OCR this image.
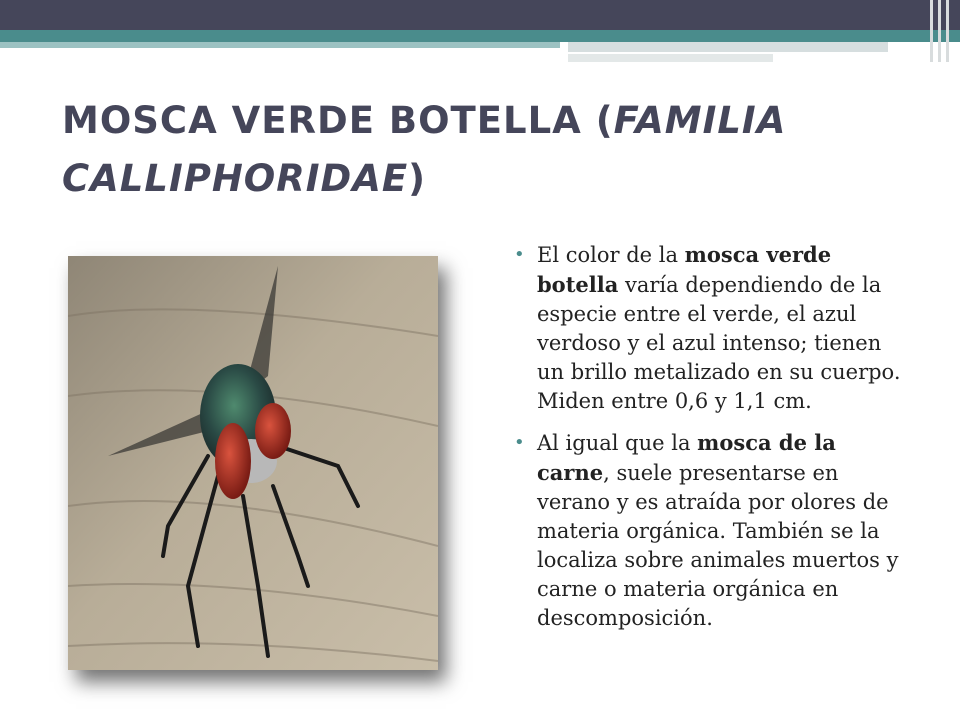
MOSCA VERDE BOTELLA (FAMILIA CALLIPHORIDAE)
• El color de la mosca verde botella varía dependiendo de la especie entre el verde, el azul verdoso y el azul intenso; tienen un brillo metalizado en su cuerpo. Miden entre 0,6 y 1,1 cm.
• Al igual que la mosca de la carne, suele presentarse en verano y es atraída por olores de materia orgánica. También se la localiza sobre animales muertos y carne o materia orgánica en descomposición.
